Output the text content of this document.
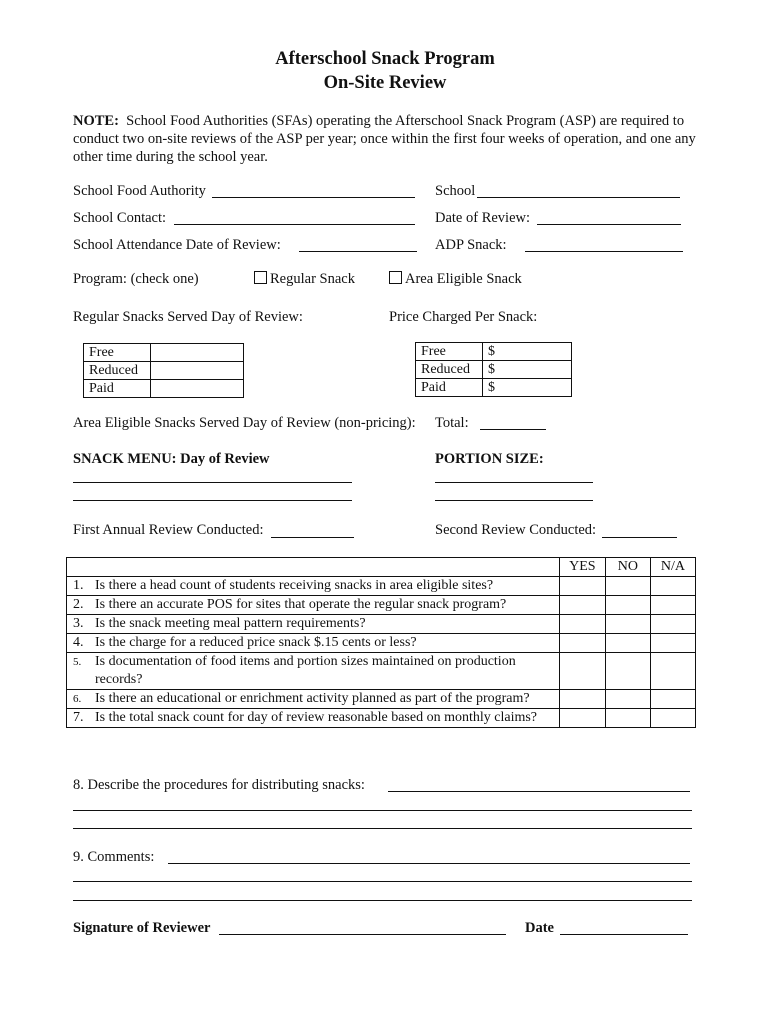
Afterschool Snack Program
On-Site Review
NOTE: School Food Authorities (SFAs) operating the Afterschool Snack Program (ASP) are required to conduct two on-site reviews of the ASP per year; once within the first four weeks of operation, and one any other time during the school year.
School Food Authority	School
School Contact:	Date of Review:
School Attendance Date of Review:	ADP Snack:
Program: (check one)	Regular Snack	Area Eligible Snack
Regular Snacks Served Day of Review:	Price Charged Per Snack:
Free	
Reduced	
Paid	
Free	$
Reduced	$
Paid	$
Area Eligible Snacks Served Day of Review (non-pricing): Total:
SNACK MENU: Day of Review	PORTION SIZE:
First Annual Review Conducted:	Second Review Conducted:
	YES	NO	N/A

1. Is there a head count of students receiving snacks in area eligible sites?			

2. Is there an accurate POS for sites that operate the regular snack program?			

3. Is the snack meeting meal pattern requirements?			

4. Is the charge for a reduced price snack $.15 cents or less?			

5. Is documentation of food items and portion sizes maintained on production records?			

6. Is there an educational or enrichment activity planned as part of the program?			

7. Is the total snack count for day of review reasonable based on monthly claims?			

8. Describe the procedures for distributing snacks:
9. Comments:
Signature of Reviewer	Date
